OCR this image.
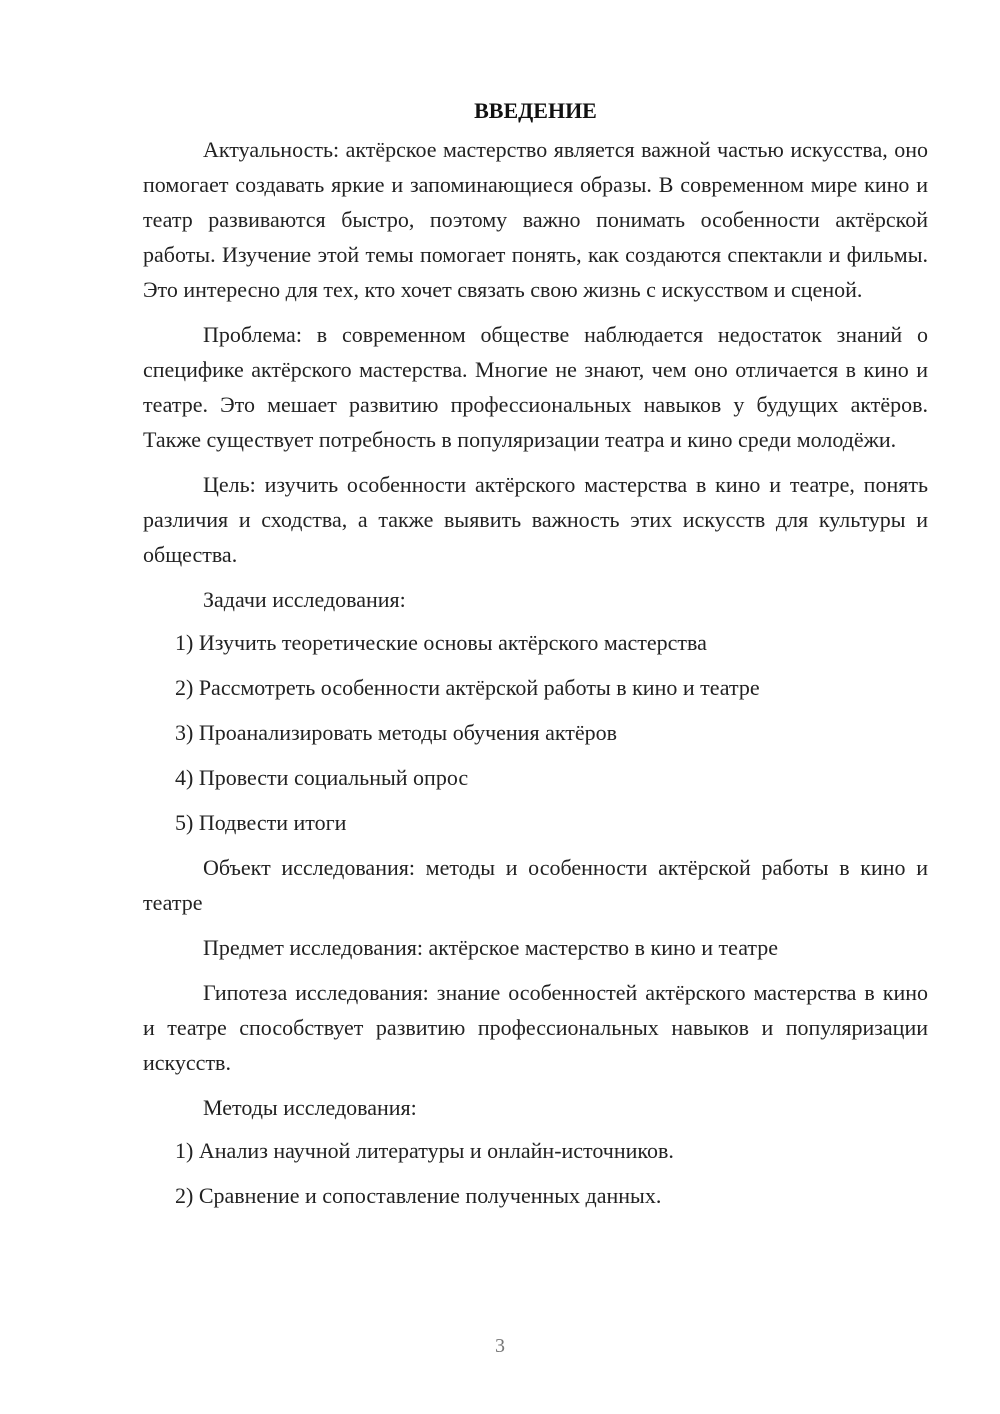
ВВЕДЕНИЕ

Актуальность: актёрское мастерство является важной частью искусства, оно помогает создавать яркие и запоминающиеся образы. В современном мире кино и театр развиваются быстро, поэтому важно понимать особенности актёрской работы. Изучение этой темы помогает понять, как создаются спектакли и фильмы. Это интересно для тех, кто хочет связать свою жизнь с искусством и сценой.

Проблема: в современном обществе наблюдается недостаток знаний о специфике актёрского мастерства. Многие не знают, чем оно отличается в кино и театре. Это мешает развитию профессиональных навыков у будущих актёров. Также существует потребность в популяризации театра и кино среди молодёжи.

Цель: изучить особенности актёрского мастерства в кино и театре, понять различия и сходства, а также выявить важность этих искусств для культуры и общества.

Задачи исследования:

1) Изучить теоретические основы актёрского мастерства
2) Рассмотреть особенности актёрской работы в кино и театре
3) Проанализировать методы обучения актёров
4) Провести социальный опрос
5) Подвести итоги

Объект исследования: методы и особенности актёрской работы в кино и театре

Предмет исследования: актёрское мастерство в кино и театре

Гипотеза исследования: знание особенностей актёрского мастерства в кино и театре способствует развитию профессиональных навыков и популяризации искусств.

Методы исследования:

1) Анализ научной литературы и онлайн-источников.
2) Сравнение и сопоставление полученных данных.
3
